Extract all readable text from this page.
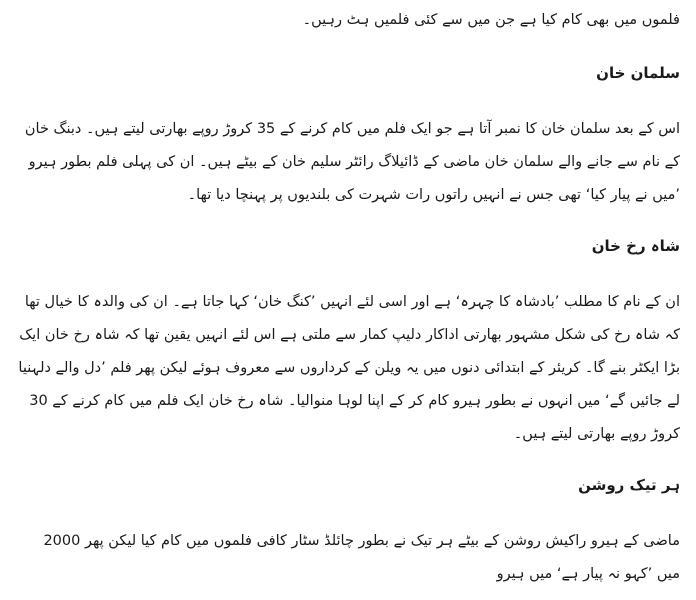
فلموں میں بھی کام کیا ہے جن میں سے کئی فلمیں ہٹ رہیں۔

سلمان خان

اس کے بعد سلمان خان کا نمبر آتا ہے جو ایک فلم میں کام کرنے کے 35 کروڑ روپے بھارتی لیتے ہیں۔ دبنگ خان کے نام سے جانے والے سلمان خان ماضی کے ڈائیلاگ رائٹر سلیم خان کے بیٹے ہیں۔ ان کی پہلی فلم بطور ہیرو ’میں نے پیار کیا‘ تھی جس نے انہیں راتوں رات شہرت کی بلندیوں پر پہنچا دیا تھا۔

شاہ رخ خان

ان کے نام کا مطلب ’بادشاہ کا چہرہ‘ ہے اور اسی لئے انہیں ’کنگ خان‘ کہا جاتا ہے۔ ان کی والدہ کا خیال تھا کہ شاہ رخ کی شکل مشہور بھارتی اداکار دلیپ کمار سے ملتی ہے اس لئے انہیں یقین تھا کہ شاہ رخ خان ایک بڑا ایکٹر بنے گا۔ کریئر کے ابتدائی دنوں میں یہ ویلن کے کرداروں سے معروف ہوئے لیکن پھر فلم ’دل والے دلہنیا لے جائیں گے‘ میں انہوں نے بطور ہیرو کام کر کے اپنا لوہا منوالیا۔ شاہ رخ خان ایک فلم میں کام کرنے کے 30 کروڑ روپے بھارتی لیتے ہیں۔

ہر تیک روشن

ماضی کے ہیرو راکیش روشن کے بیٹے ہر تیک نے بطور چائلڈ سٹار کافی فلموں میں کام کیا لیکن پھر 2000 میں ’کہو نہ پیار ہے‘ میں ہیرو
